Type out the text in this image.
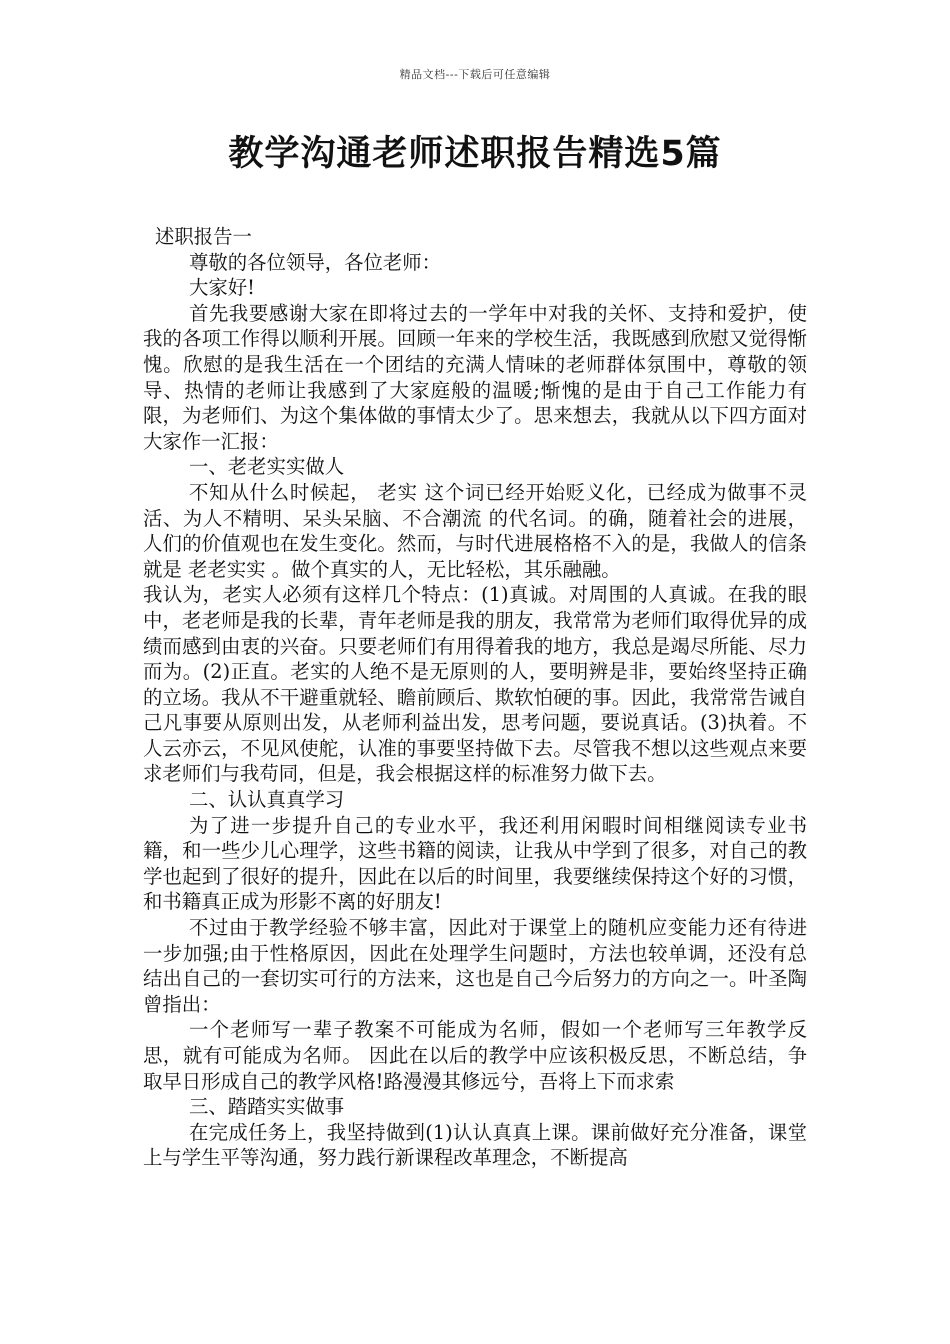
精品文档---下载后可任意编辑
教学沟通老师述职报告精选5篇

述职报告一

尊敬的各位领导，各位老师：

大家好!

首先我要感谢大家在即将过去的一学年中对我的关怀、支持和爱护，使我的各项工作得以顺利开展。回顾一年来的学校生活，我既感到欣慰又觉得惭愧。欣慰的是我生活在一个团结的充满人情味的老师群体氛围中，尊敬的领导、热情的老师让我感到了大家庭般的温暖;惭愧的是由于自己工作能力有限，为老师们、为这个集体做的事情太少了。思来想去，我就从以下四方面对大家作一汇报：

一、老老实实做人

不知从什么时候起， 老实 这个词已经开始贬义化，已经成为做事不灵活、为人不精明、呆头呆脑、不合潮流 的代名词。的确，随着社会的进展，人们的价值观也在发生变化。然而，与时代进展格格不入的是，我做人的信条就是 老老实实 。做个真实的人，无比轻松，其乐融融。

我认为，老实人必须有这样几个特点：(1)真诚。对周围的人真诚。在我的眼中，老老师是我的长辈，青年老师是我的朋友，我常常为老师们取得优异的成绩而感到由衷的兴奋。只要老师们有用得着我的地方，我总是竭尽所能、尽力而为。(2)正直。老实的人绝不是无原则的人，要明辨是非，要始终坚持正确的立场。我从不干避重就轻、瞻前顾后、欺软怕硬的事。因此，我常常告诫自己凡事要从原则出发，从老师利益出发，思考问题，要说真话。(3)执着。不人云亦云，不见风使舵，认准的事要坚持做下去。尽管我不想以这些观点来要求老师们与我苟同，但是，我会根据这样的标准努力做下去。

二、认认真真学习

为了进一步提升自己的专业水平，我还利用闲暇时间相继阅读专业书籍，和一些少儿心理学，这些书籍的阅读，让我从中学到了很多，对自己的教学也起到了很好的提升，因此在以后的时间里，我要继续保持这个好的习惯，和书籍真正成为形影不离的好朋友!

不过由于教学经验不够丰富，因此对于课堂上的随机应变能力还有待进一步加强;由于性格原因，因此在处理学生问题时，方法也较单调，还没有总结出自己的一套切实可行的方法来，这也是自己今后努力的方向之一。叶圣陶曾指出：

一个老师写一辈子教案不可能成为名师，假如一个老师写三年教学反思，就有可能成为名师。 因此在以后的教学中应该积极反思，不断总结，争取早日形成自己的教学风格!路漫漫其修远兮，吾将上下而求索

三、踏踏实实做事

在完成任务上，我坚持做到(1)认认真真上课。课前做好充分准备，课堂上与学生平等沟通，努力践行新课程改革理念，不断提高
